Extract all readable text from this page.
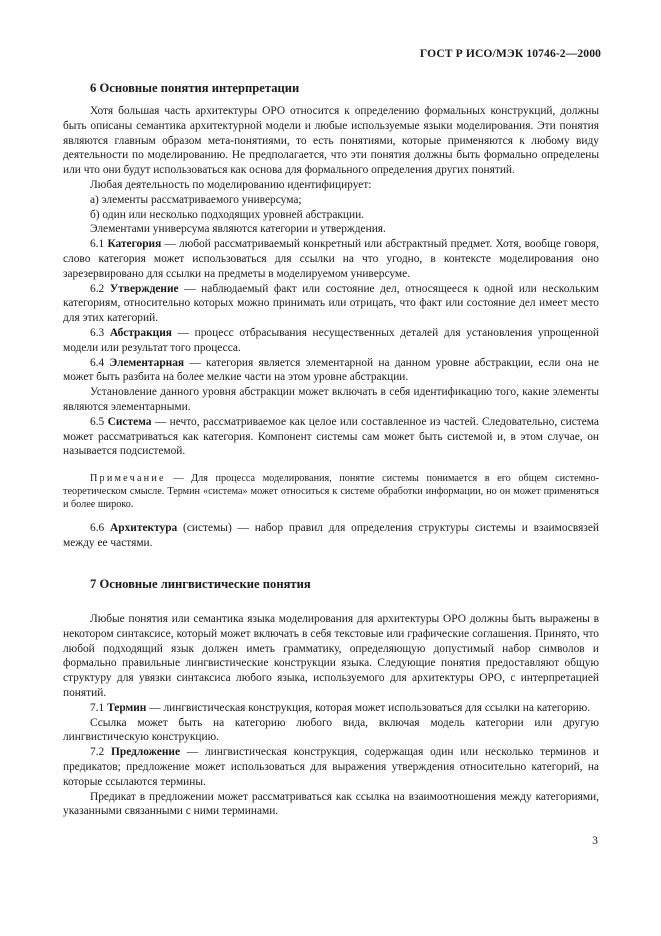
ГОСТ Р ИСО/МЭК 10746-2—2000
6 Основные понятия интерпретации

Хотя большая часть архитектуры ОРО относится к определению формальных конструкций, должны быть описаны семантика архитектурной модели и любые используемые языки моделирования. Эти понятия являются главным образом мета-понятиями, то есть понятиями, которые применяются к любому виду деятельности по моделированию. Не предполагается, что эти понятия должны быть формально определены или что они будут использоваться как основа для формального определения других понятий.

Любая деятельность по моделированию идентифицирует:

а) элементы рассматриваемого универсума;

б) один или несколько подходящих уровней абстракции.

Элементами универсума являются категории и утверждения.

6.1 Категория — любой рассматриваемый конкретный или абстрактный предмет. Хотя, вообще говоря, слово категория может использоваться для ссылки на что угодно, в контексте моделирования оно зарезервировано для ссылки на предметы в моделируемом универсуме.

6.2 Утверждение — наблюдаемый факт или состояние дел, относящееся к одной или нескольким категориям, относительно которых можно принимать или отрицать, что факт или состояние дел имеет место для этих категорий.

6.3 Абстракция — процесс отбрасывания несущественных деталей для установления упрощенной модели или результат того процесса.

6.4 Элементарная — категория является элементарной на данном уровне абстракции, если она не может быть разбита на более мелкие части на этом уровне абстракции.

Установление данного уровня абстракции может включать в себя идентификацию того, какие элементы являются элементарными.

6.5 Система — нечто, рассматриваемое как целое или составленное из частей. Следовательно, система может рассматриваться как категория. Компонент системы сам может быть системой и, в этом случае, он называется подсистемой.

Примечание — Для процесса моделирования, понятие системы понимается в его общем системно-теоретическом смысле. Термин «система» может относиться к системе обработки информации, но он может применяться и более широко.

6.6 Архитектура (системы) — набор правил для определения структуры системы и взаимосвязей между ее частями.

7 Основные лингвистические понятия

Любые понятия или семантика языка моделирования для архитектуры ОРО должны быть выражены в некотором синтаксисе, который может включать в себя текстовые или графические соглашения. Принято, что любой подходящий язык должен иметь грамматику, определяющую допустимый набор символов и формально правильные лингвистические конструкции языка. Следующие понятия предоставляют общую структуру для увязки синтаксиса любого языка, используемого для архитектуры ОРО, с интерпретацией понятий.

7.1 Термин — лингвистическая конструкция, которая может использоваться для ссылки на категорию.

Ссылка может быть на категорию любого вида, включая модель категории или другую лингвистическую конструкцию.

7.2 Предложение — лингвистическая конструкция, содержащая один или несколько терминов и предикатов; предложение может использоваться для выражения утверждения относительно категорий, на которые ссылаются термины.

Предикат в предложении может рассматриваться как ссылка на взаимоотношения между категориями, указанными связанными с ними терминами.

3
